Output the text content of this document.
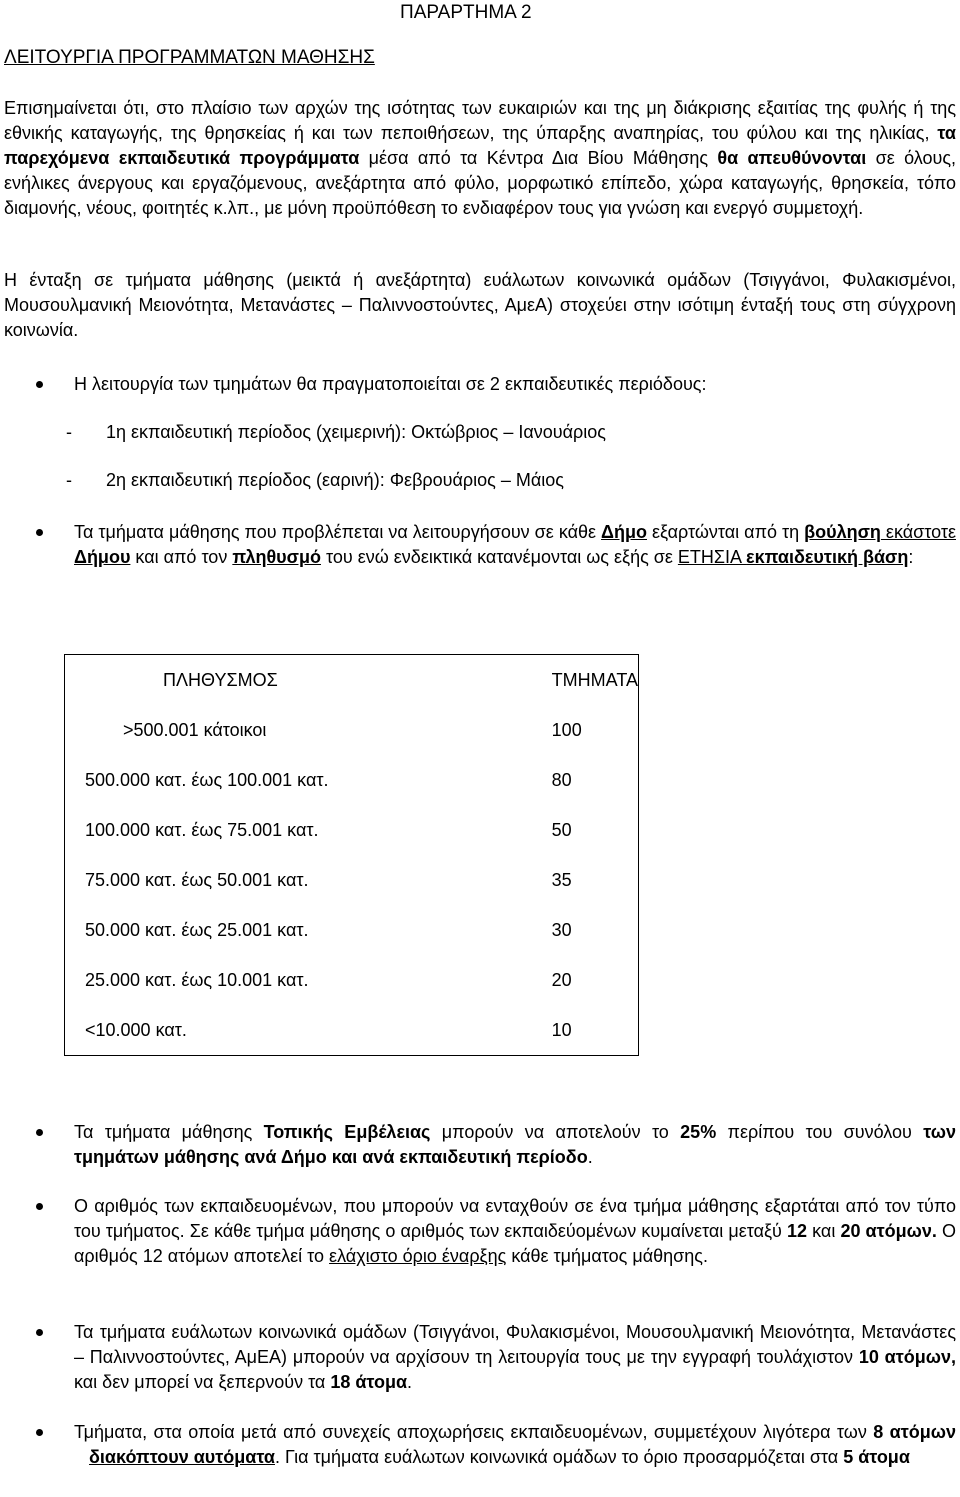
ΠΑΡΑΡΤΗΜΑ 2
ΛΕΙΤΟΥΡΓΙΑ ΠΡΟΓΡΑΜΜΑΤΩΝ ΜΑΘΗΣΗΣ

Επισημαίνεται ότι, στο πλαίσιο των αρχών της ισότητας των ευκαιριών και της μη διάκρισης εξαιτίας της φυλής ή της εθνικής καταγωγής, της θρησκείας ή και των πεποιθήσεων, της ύπαρξης αναπηρίας, του φύλου και της ηλικίας, τα παρεχόμενα εκπαιδευτικά προγράμματα μέσα από τα Κέντρα Δια Βίου Μάθησης θα απευθύνονται σε όλους, ενήλικες άνεργους και εργαζόμενους, ανεξάρτητα από φύλο, μορφωτικό επίπεδο, χώρα καταγωγής, θρησκεία, τόπο διαμονής, νέους, φοιτητές κ.λπ., με μόνη προϋπόθεση το ενδιαφέρον τους για γνώση και ενεργό συμμετοχή.

Η ένταξη σε τμήματα μάθησης (μεικτά ή ανεξάρτητα) ευάλωτων κοινωνικά ομάδων (Τσιγγάνοι, Φυλακισμένοι, Μουσουλμανική Μειονότητα, Μετανάστες – Παλιννοστούντες, ΑμεΑ) στοχεύει στην ισότιμη ένταξή τους στη σύγχρονη κοινωνία.

Η λειτουργία των τμημάτων θα πραγματοποιείται σε 2 εκπαιδευτικές περιόδους:
- 1η εκπαιδευτική περίοδος (χειμερινή): Οκτώβριος – Ιανουάριος
- 2η εκπαιδευτική περίοδος (εαρινή): Φεβρουάριος – Μάιος
Τα τμήματα μάθησης που προβλέπεται να λειτουργήσουν σε κάθε Δήμο εξαρτώνται από τη βούληση εκάστοτε Δήμου και από τον πληθυσμό του ενώ ενδεικτικά κατανέμονται ως εξής σε ΕΤΗΣΙΑ εκπαιδευτική βάση:
ΠΛΗΘΥΣΜΟΣ	ΤΜΗΜΑΤΑ
>500.001 κάτοικοι	100
500.000 κατ. έως 100.001 κατ.	80
100.000 κατ. έως 75.001 κατ.	50
75.000 κατ. έως 50.001 κατ.	35
50.000 κατ. έως 25.001 κατ.	30
25.000 κατ. έως 10.001 κατ.	20
<10.000 κατ.	10
Τα τμήματα μάθησης Τοπικής Εμβέλειας μπορούν να αποτελούν το 25% περίπου του συνόλου των τμημάτων μάθησης ανά Δήμο και ανά εκπαιδευτική περίοδο.
Ο αριθμός των εκπαιδευομένων, που μπορούν να ενταχθούν σε ένα τμήμα μάθησης εξαρτάται από τον τύπο του τμήματος. Σε κάθε τμήμα μάθησης ο αριθμός των εκπαιδεύομένων κυμαίνεται μεταξύ 12 και 20 ατόμων. Ο αριθμός 12 ατόμων αποτελεί το ελάχιστο όριο έναρξης κάθε τμήματος μάθησης.
Τα τμήματα ευάλωτων κοινωνικά ομάδων (Τσιγγάνοι, Φυλακισμένοι, Μουσουλμανική Μειονότητα, Μετανάστες – Παλιννοστούντες, ΑμΕΑ) μπορούν να αρχίσουν τη λειτουργία τους με την εγγραφή τουλάχιστον 10 ατόμων, και δεν μπορεί να ξεπερνούν τα 18 άτομα.
Τμήματα, στα οποία μετά από συνεχείς αποχωρήσεις εκπαιδευομένων, συμμετέχουν λιγότερα των 8 ατόμων   διακόπτουν αυτόματα. Για τμήματα ευάλωτων κοινωνικά ομάδων το όριο προσαρμόζεται στα 5 άτομα
